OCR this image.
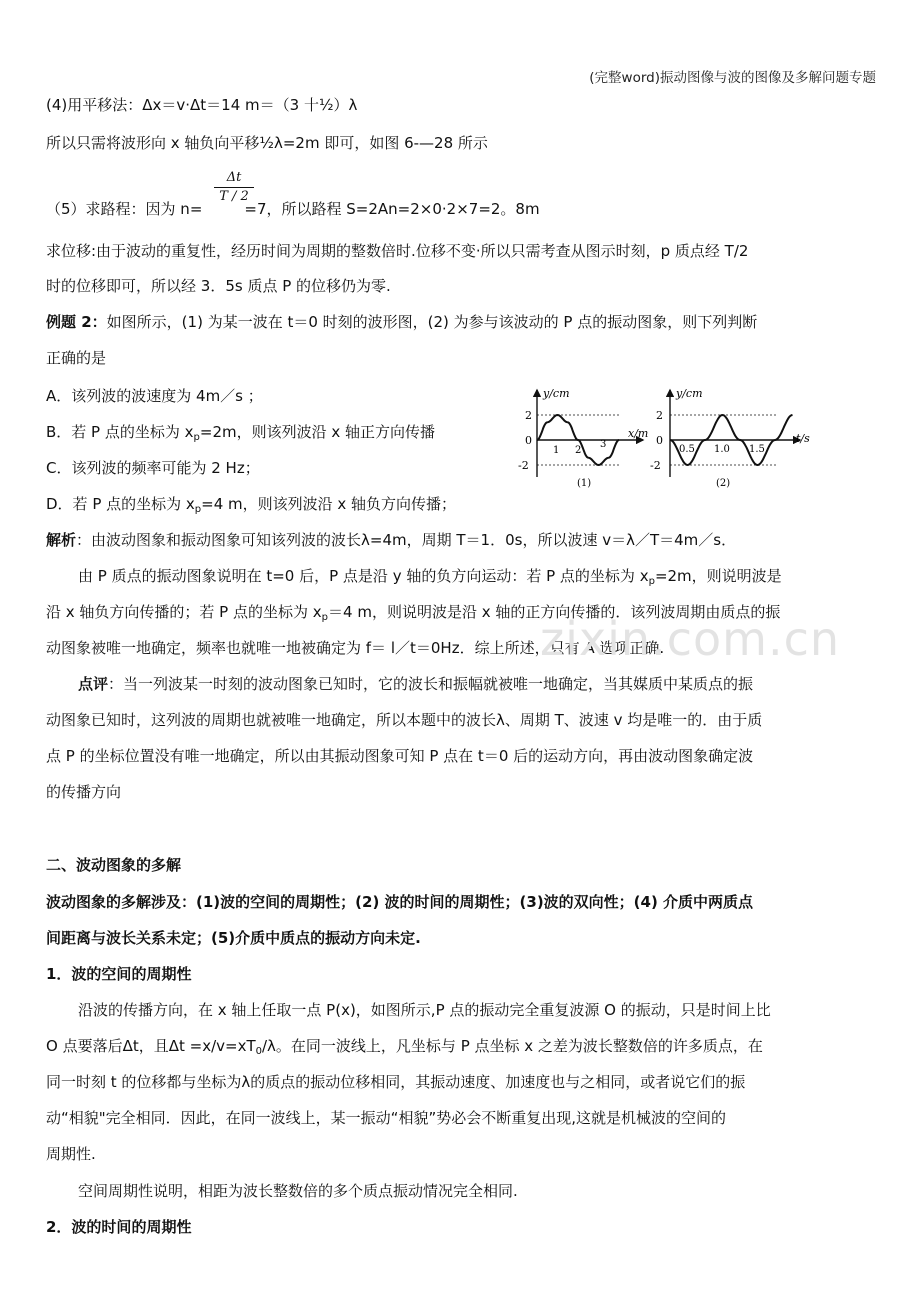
(完整word)振动图像与波的图像及多解问题专题
(4)用平移法：Δx＝v·Δt＝14 m＝（3 十½）λ
所以只需将波形向 x 轴负向平移½λ=2m 即可，如图 6-—28 所示
（5）求路程：因为 n=	=7，所以路程 S=2An=2×0·2×7=2。8m
Δt
T / 2
求位移:由于波动的重复性，经历时间为周期的整数倍时.位移不变·所以只需考查从图示时刻，p 质点经 T/2
时的位移即可，所以经 3．5s 质点 P 的位移仍为零.
例题 2：如图所示，(1) 为某一波在 t＝0 时刻的波形图，(2) 为参与该波动的 P 点的振动图象，则下列判断
正确的是
A．该列波的波速度为 4m／s ；
B．若 P 点的坐标为 $x_p=2m$，则该列波沿 x 轴正方向传播
C．该列波的频率可能为 2 Hz；
D．若 P 点的坐标为 $x_p=4$ m，则该列波沿 x 轴负方向传播；
y/cm
x/m
2
0
-2
1 2
3
(1)
y/cm
t/s
2
0
-2
0.5 1.0 1.5
(2)
解析：由波动图象和振动图象可知该列波的波长λ=4m，周期 T＝1．0s，所以波速 v＝λ／T＝4m／s．
由 P 质点的振动图象说明在 t=0 后，P 点是沿 y 轴的负方向运动：若 P 点的坐标为 $x_p=2m$，则说明波是
沿 x 轴负方向传播的；若 P 点的坐标为 $x_p=4$ m，则说明波是沿 x 轴的正方向传播的．该列波周期由质点的振
动图象被唯一地确定，频率也就唯一地被确定为 f＝ l／t＝0Hz．综上所述，只有 A 选项正确.
zixin.com.cn
点评：当一列波某一时刻的波动图象已知时，它的波长和振幅就被唯一地确定，当其媒质中某质点的振
动图象已知时，这列波的周期也就被唯一地确定，所以本题中的波长λ、周期 T、波速 v 均是唯一的．由于质
点 P 的坐标位置没有唯一地确定，所以由其振动图象可知 P 点在 t＝0 后的运动方向，再由波动图象确定波
的传播方向
二、波动图象的多解
波动图象的多解涉及：(1)波的空间的周期性；(2) 波的时间的周期性；(3)波的双向性；(4) 介质中两质点
间距离与波长关系未定；(5)介质中质点的振动方向未定.
1．波的空间的周期性
沿波的传播方向，在 x 轴上任取一点 P(x)，如图所示,P 点的振动完全重复波源 O 的振动，只是时间上比
O 点要落后Δt，且$\Delta t =x/v=xT_0/\lambda$。在同一波线上，凡坐标与 P 点坐标 x 之差为波长整数倍的许多质点，在
同一时刻 t 的位移都与坐标为λ的质点的振动位移相同，其振动速度、加速度也与之相同，或者说它们的振
动“相貌"完全相同．因此，在同一波线上，某一振动“相貌”势必会不断重复出现,这就是机械波的空间的
周期性.
空间周期性说明，相距为波长整数倍的多个质点振动情况完全相同.
2．波的时间的周期性
